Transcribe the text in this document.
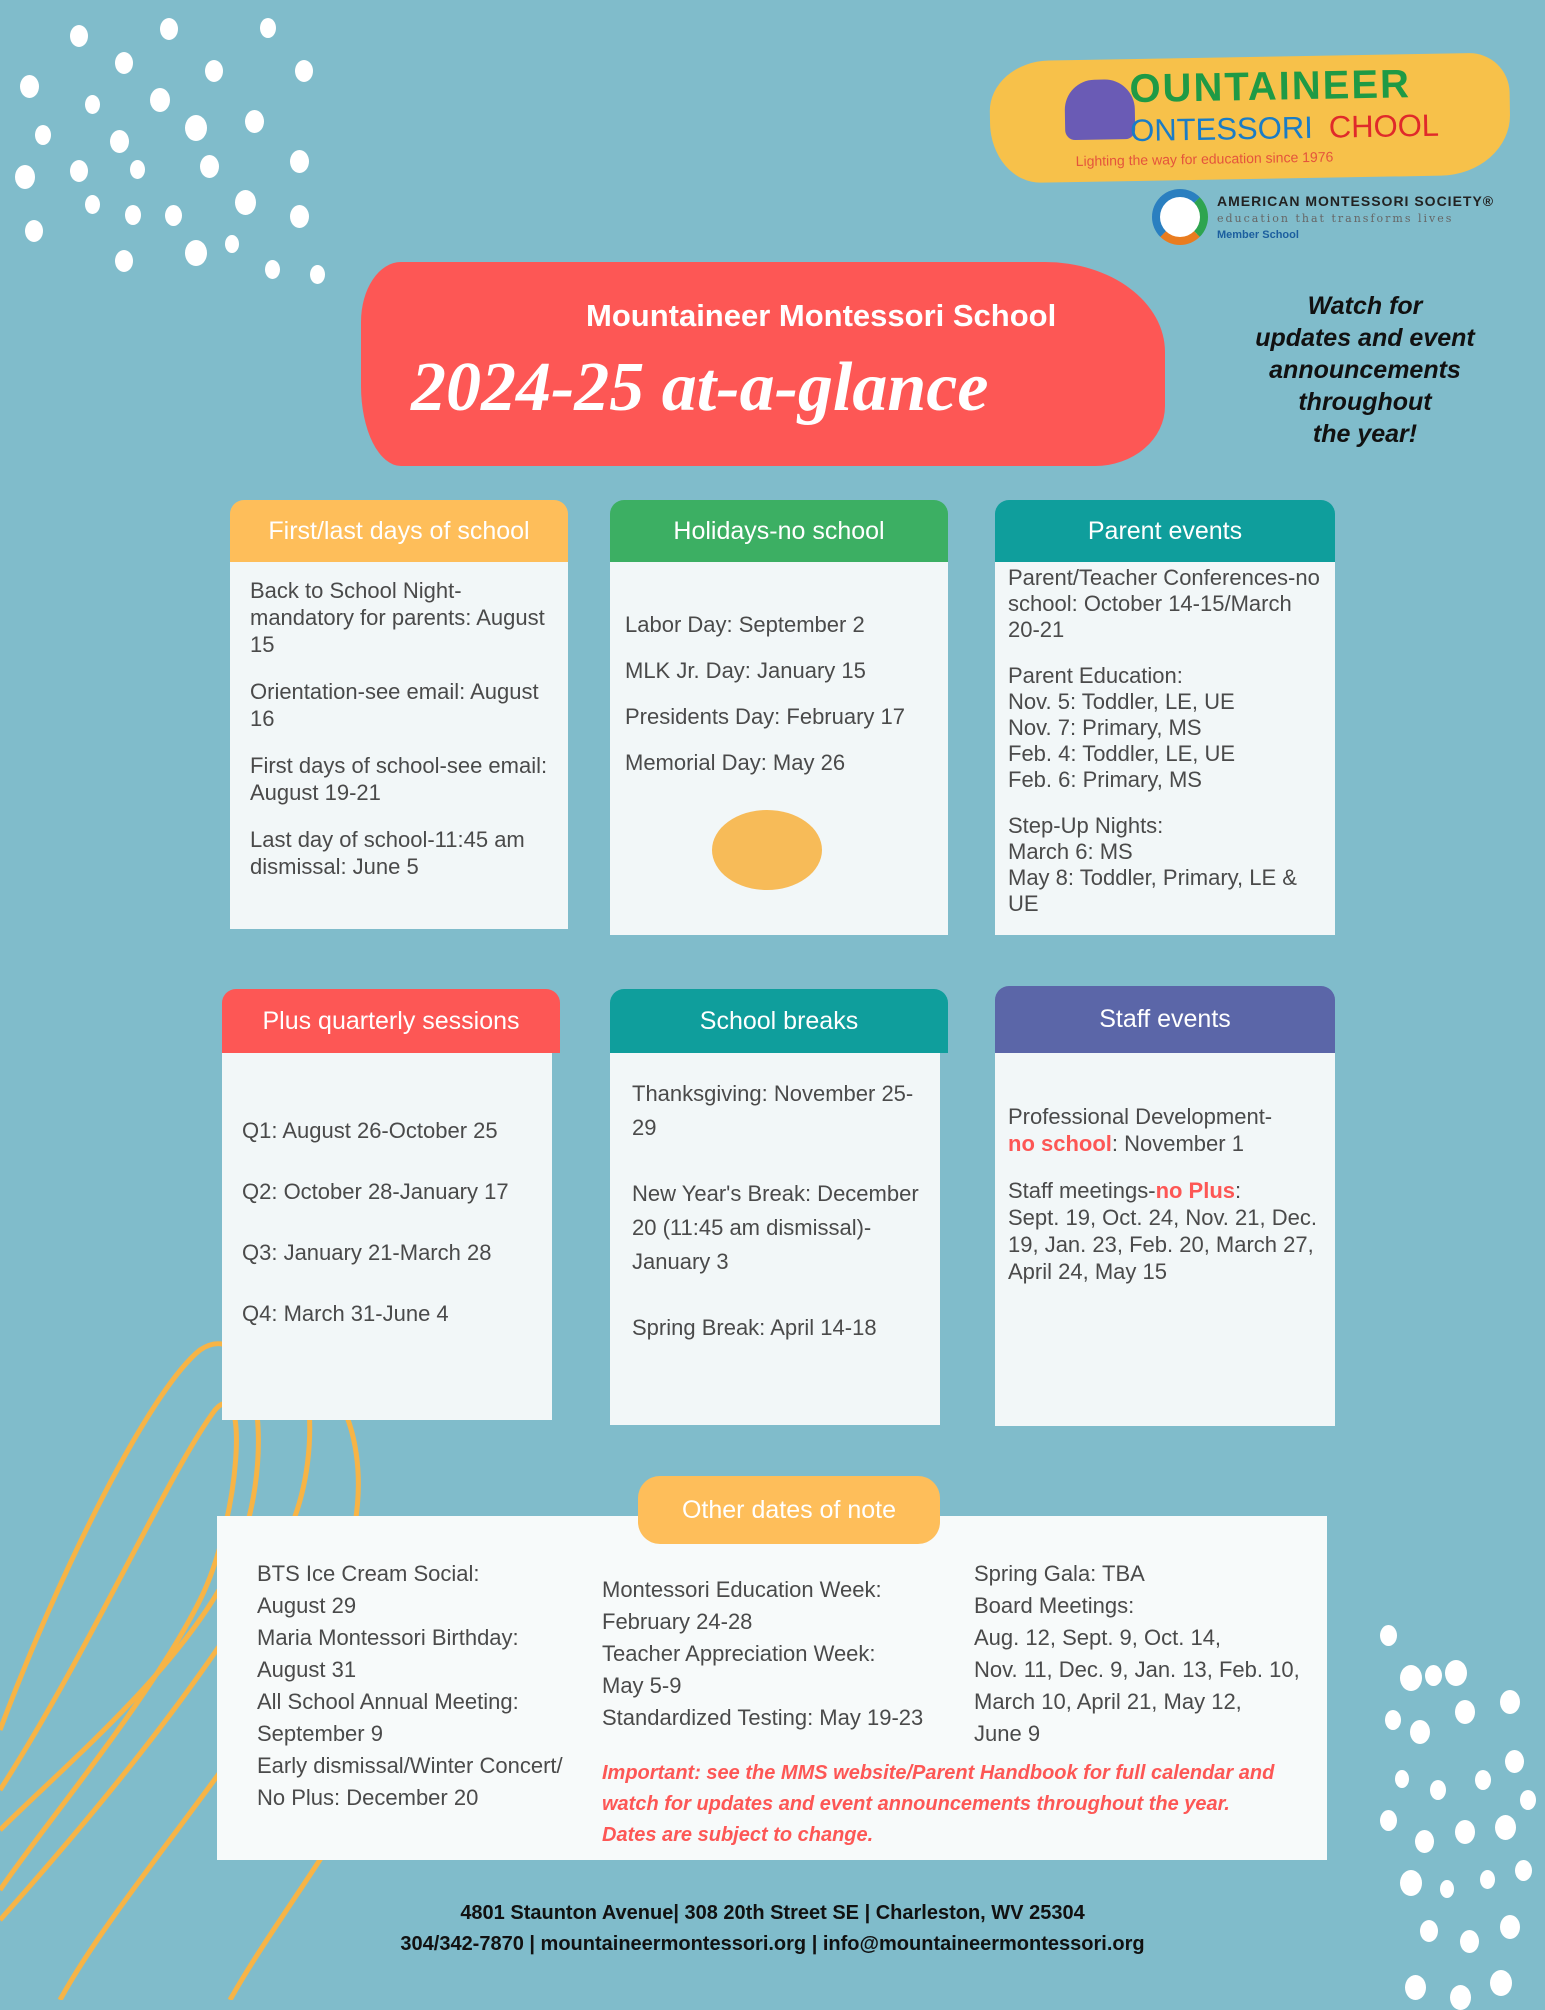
OUNTAINEER
ONTESSORI CHOOL
Lighting the way for education since 1976
AMERICAN MONTESSORI SOCIETY®
education that transforms lives
Member School
Watch for
updates and event
announcements
throughout
the year!
Mountaineer Montessori School
2024-25 at-a-glance
First/last days of school

Back to School Night-mandatory for parents: August 15

Orientation-see email: August 16

First days of school-see email: August 19-21

Last day of school-11:45 am dismissal: June 5

Holidays-no school
Labor Day: September 2
MLK Jr. Day: January 15
Presidents Day: February 17
Memorial Day: May 26
Parent events

Parent/Teacher Conferences-no school: October 14-15/March 20-21

Parent Education:
Nov. 5: Toddler, LE, UE
Nov. 7: Primary, MS
Feb. 4: Toddler, LE, UE

Feb. 6: Primary, MS

Step-Up Nights:
March 6: MS
May 8: Toddler, Primary, LE & UE
Plus quarterly sessions
Q1: August 26-October 25
Q2: October 28-January 17
Q3: January 21-March 28
Q4: March 31-June 4
School breaks

Thanksgiving: November 25-29

New Year's Break: December 20 (11:45 am dismissal)-January 3

Spring Break: April 14-18

Staff events

Professional Development-
no school: November 1

Staff meetings-no Plus:
Sept. 19, Oct. 24, Nov. 21, Dec. 19, Jan. 23, Feb. 20, March 27, April 24, May 15

BTS Ice Cream Social:
August 29
Maria Montessori Birthday:
August 31
All School Annual Meeting:
September 9
Early dismissal/Winter Concert/
No Plus: December 20
Montessori Education Week:
February 24-28
Teacher Appreciation Week:
May 5-9
Standardized Testing: May 19-23
Spring Gala: TBA
Board Meetings:
Aug. 12, Sept. 9, Oct. 14,
Nov. 11, Dec. 9, Jan. 13, Feb. 10,
March 10, April 21, May 12,
June 9
Important: see the MMS website/Parent Handbook for full calendar and watch for updates and event announcements throughout the year. Dates are subject to change.
Other dates of note
4801 Staunton Avenue| 308 20th Street SE | Charleston, WV 25304
304/342-7870 | mountaineermontessori.org | info@mountaineermontessori.org
